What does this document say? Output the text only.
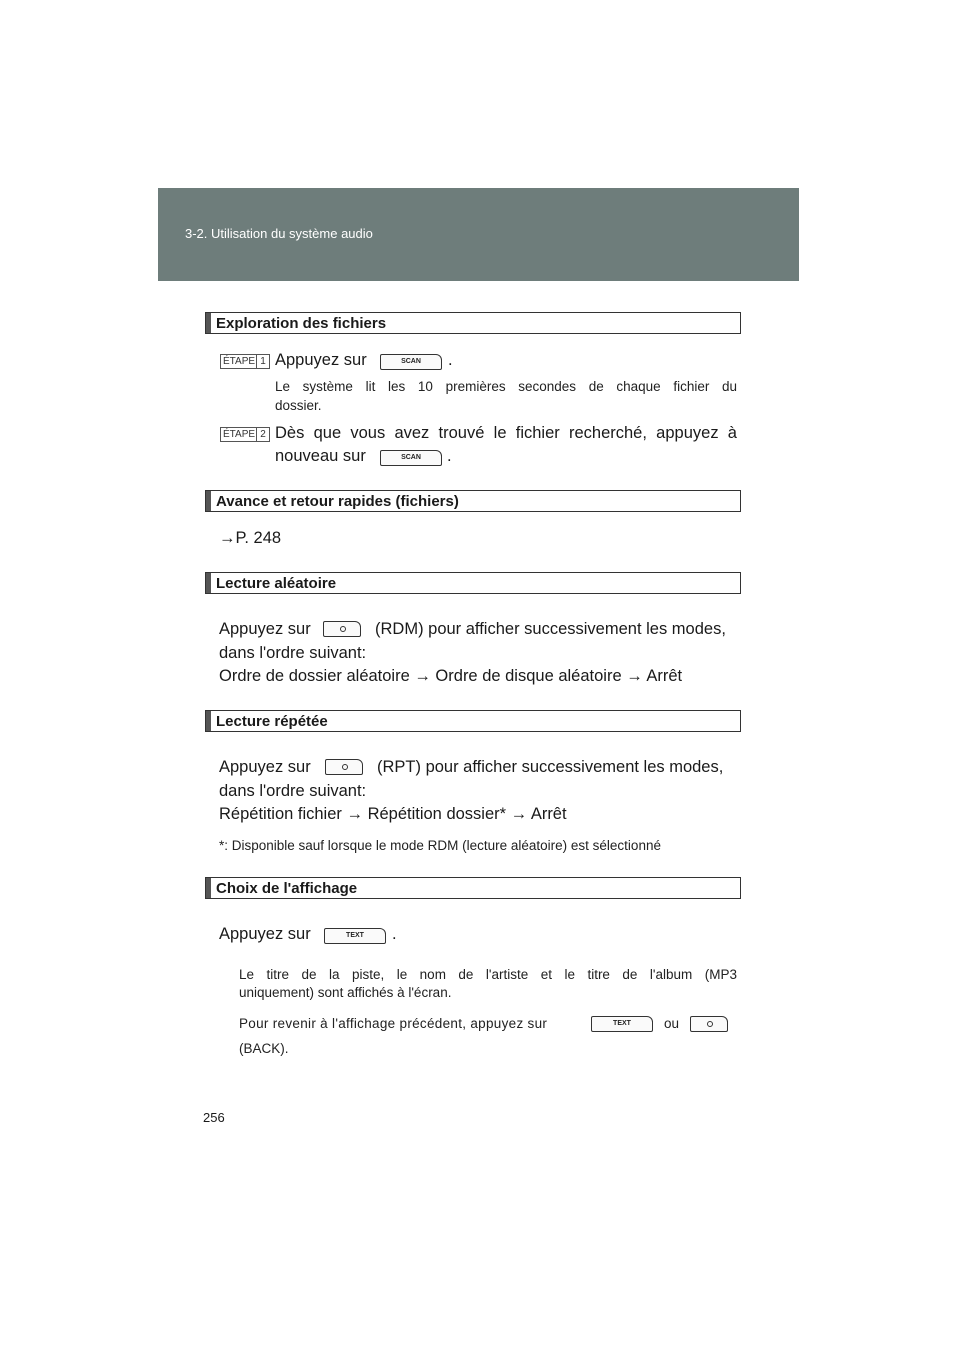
3-2. Utilisation du système audio
Exploration des fichiers
ÉTAPE 1 Appuyez sur	SCAN	.
Le système lit les 10 premières secondes de chaque fichier du
dossier.
ÉTAPE 2 Dès que vous avez trouvé le fichier recherché, appuyez à
nouveau sur	SCAN	.
Avance et retour rapides (fichiers)
→P. 248
Lecture aléatoire
Appuyez sur	(RDM) pour afficher successivement les modes,
dans l'ordre suivant:
Ordre de dossier aléatoire → Ordre de disque aléatoire → Arrêt
Lecture répétée
Appuyez sur	(RPT) pour afficher successivement les modes,
dans l'ordre suivant:
Répétition fichier → Répétition dossier* → Arrêt
*: Disponible sauf lorsque le mode RDM (lecture aléatoire) est sélectionné
Choix de l'affichage
Appuyez sur	TEXT	.
Le titre de la piste, le nom de l'artiste et le titre de l'album (MP3
uniquement) sont affichés à l'écran.
Pour revenir à l'affichage précédent, appuyez sur	TEXT	ou
(BACK).
256
